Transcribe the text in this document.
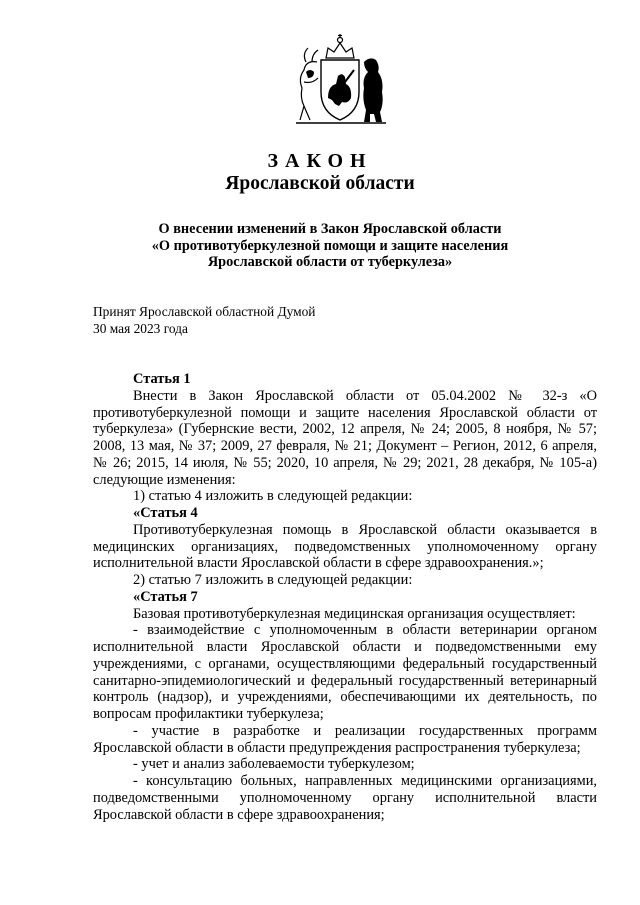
ЗАКОН
Ярославской области
О внесении изменений в Закон Ярославской области
«О противотуберкулезной помощи и защите населения
Ярославской области от туберкулеза»
Принят Ярославской областной Думой
30 мая 2023 года

Статья 1

Внести в Закон Ярославской области от 05.04.2002 № 32-з «О противотуберкулезной помощи и защите населения Ярославской области от туберкулеза» (Губернские вести, 2002, 12 апреля, № 24; 2005, 8 ноября, № 57; 2008, 13 мая, № 37; 2009, 27 февраля, № 21; Документ – Регион, 2012, 6 апреля, № 26; 2015, 14 июля, № 55; 2020, 10 апреля, № 29; 2021, 28 декабря, № 105-а) следующие изменения:

1) статью 4 изложить в следующей редакции:

«Статья 4

Противотуберкулезная помощь в Ярославской области оказывается в медицинских организациях, подведомственных уполномоченному органу исполнительной власти Ярославской области в сфере здравоохранения.»;

2) статью 7 изложить в следующей редакции:

«Статья 7

Базовая противотуберкулезная медицинская организация осуществляет:

- взаимодействие с уполномоченным в области ветеринарии органом исполнительной власти Ярославской области и подведомственными ему учреждениями, с органами, осуществляющими федеральный государственный санитарно-эпидемиологический и федеральный государственный ветеринарный контроль (надзор), и учреждениями, обеспечивающими их деятельность, по вопросам профилактики туберкулеза;

- участие в разработке и реализации государственных программ Ярославской области в области предупреждения распространения туберкулеза;

- учет и анализ заболеваемости туберкулезом;

- консультацию больных, направленных медицинскими организациями, подведомственными уполномоченному органу исполнительной власти Ярославской области в сфере здравоохранения;
